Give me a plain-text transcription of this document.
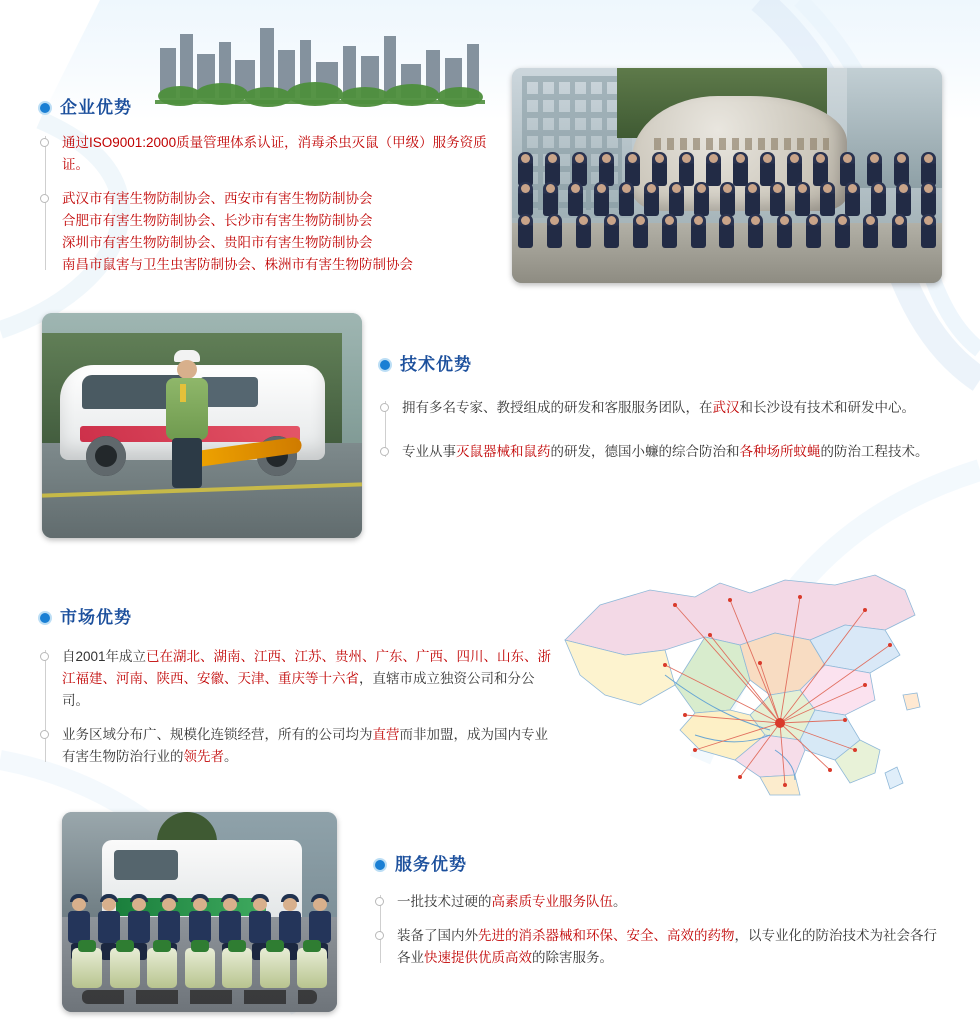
企业优势
通过ISO9001:2000质量管理体系认证，消毒杀虫灭鼠（甲级）服务资质证。
武汉市有害生物防制协会、西安市有害生物防制协会
合肥市有害生物防制协会、长沙市有害生物防制协会
深圳市有害生物防制协会、贵阳市有害生物防制协会
南昌市鼠害与卫生虫害防制协会、株洲市有害生物防制协会
技术优势
拥有多名专家、教授组成的研发和客服服务团队，在武汉和长沙设有技术和研发中心。
专业从事灭鼠器械和鼠药的研发，德国小蠊的综合防治和各种场所蚊蝇的防治工程技术。
市场优势
自2001年成立已在湖北、湖南、江西、江苏、贵州、广东、广西、四川、山东、浙江福建、河南、陕西、安徽、天津、重庆等十六省，直辖市成立独资公司和分公司。
业务区域分布广、规模化连锁经营，所有的公司均为直营而非加盟，成为国内专业有害生物防治行业的领先者。
服务优势
一批技术过硬的高素质专业服务队伍。
装备了国内外先进的消杀器械和环保、安全、高效的药物，以专业化的防治技术为社会各行各业快速提供优质高效的除害服务。
